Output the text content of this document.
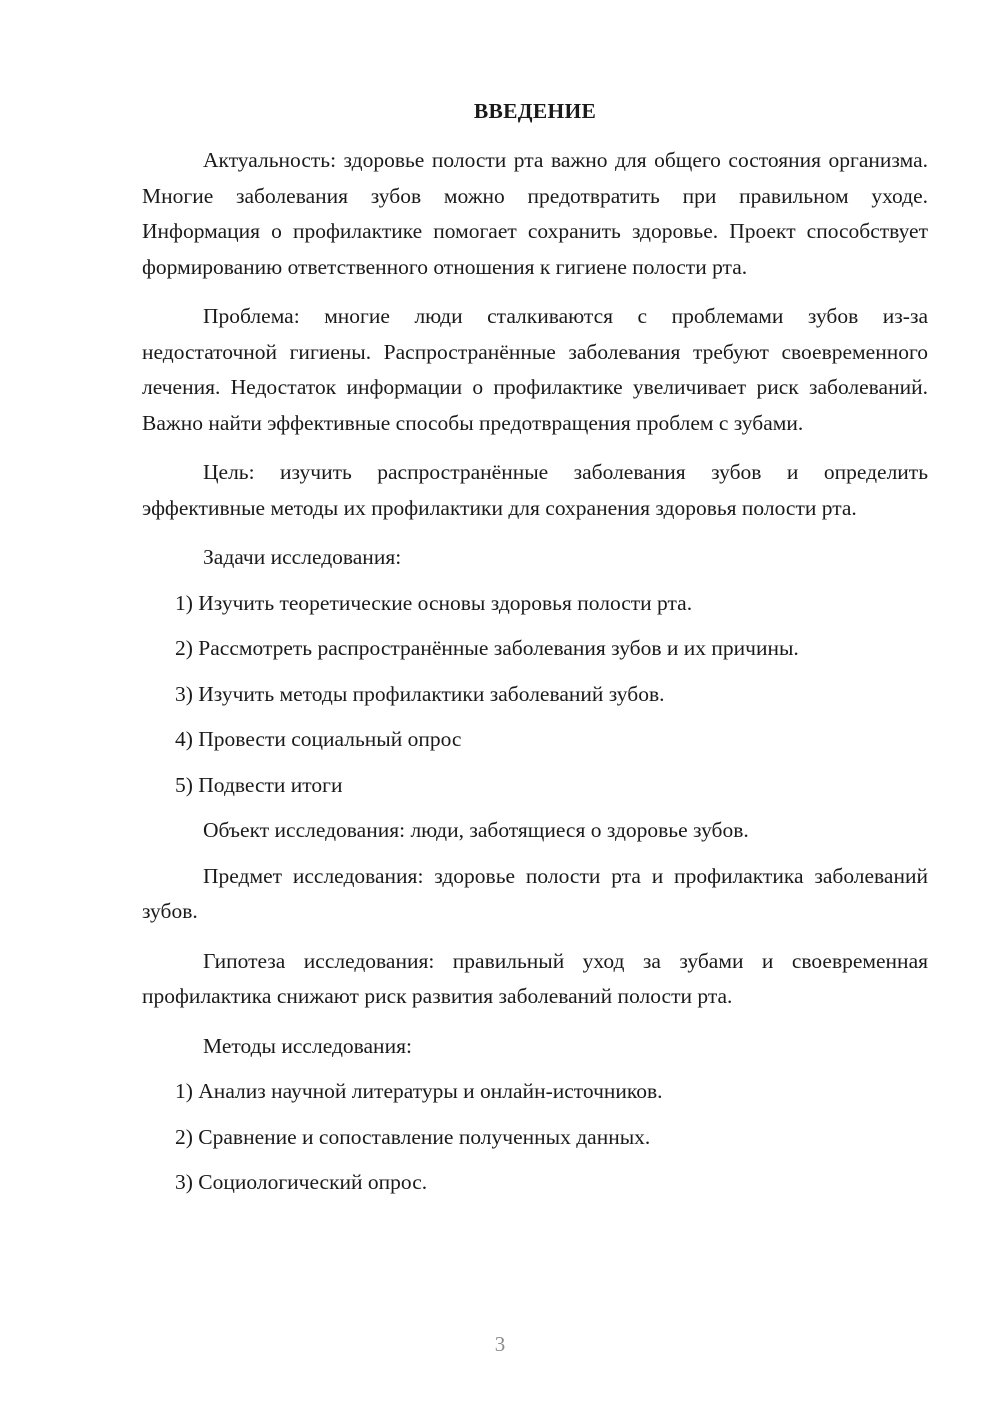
ВВЕДЕНИЕ

Актуальность: здоровье полости рта важно для общего состояния организма. Многие заболевания зубов можно предотвратить при правильном уходе. Информация о профилактике помогает сохранить здоровье. Проект способствует формированию ответственного отношения к гигиене полости рта.

Проблема: многие люди сталкиваются с проблемами зубов из-за недостаточной гигиены. Распространённые заболевания требуют своевременного лечения. Недостаток информации о профилактике увеличивает риск заболеваний. Важно найти эффективные способы предотвращения проблем с зубами.

Цель: изучить распространённые заболевания зубов и определить эффективные методы их профилактики для сохранения здоровья полости рта.

Задачи исследования:

1) Изучить теоретические основы здоровья полости рта.
2) Рассмотреть распространённые заболевания зубов и их причины.
3) Изучить методы профилактики заболеваний зубов.
4) Провести социальный опрос
5) Подвести итоги

Объект исследования: люди, заботящиеся о здоровье зубов.

Предмет исследования: здоровье полости рта и профилактика заболеваний зубов.

Гипотеза исследования: правильный уход за зубами и своевременная профилактика снижают риск развития заболеваний полости рта.

Методы исследования:

1) Анализ научной литературы и онлайн-источников.
2) Сравнение и сопоставление полученных данных.
3) Социологический опрос.
3
